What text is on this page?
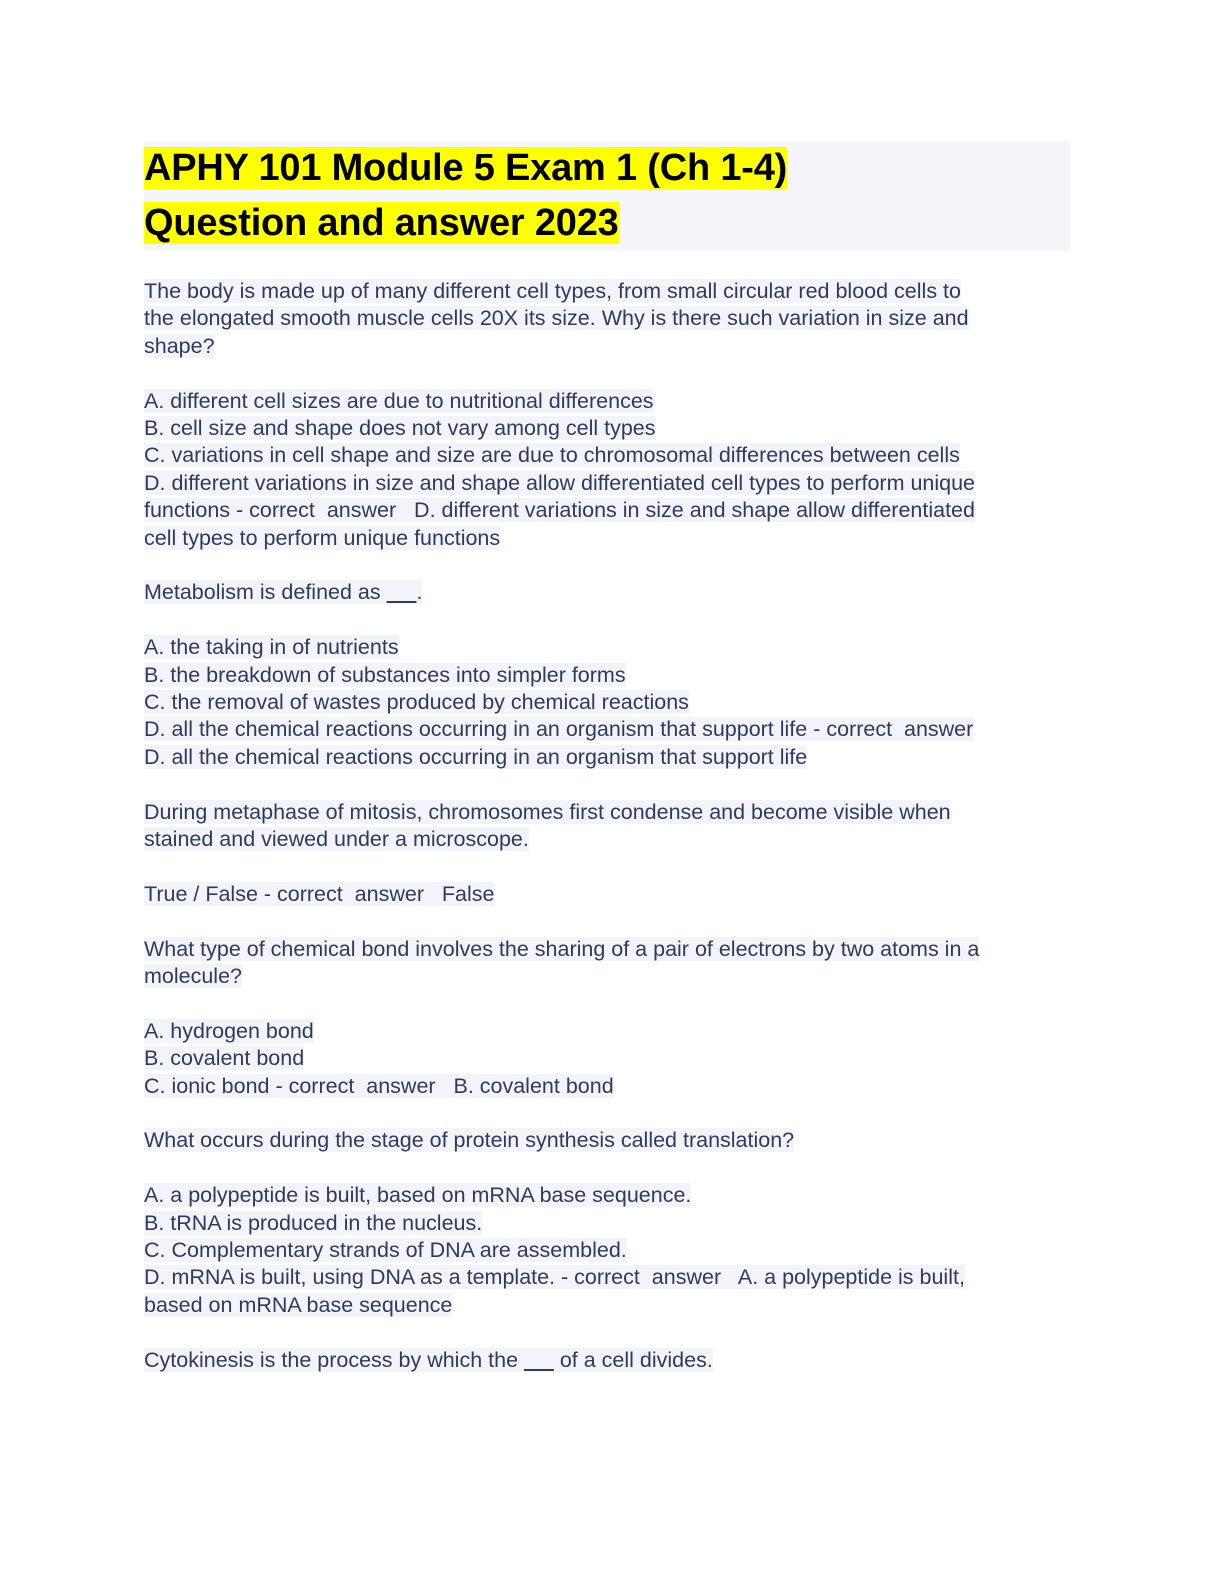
APHY 101 Module 5 Exam 1 (Ch 1-4)
Question and answer 2023
The body is made up of many different cell types, from small circular red blood cells to
the elongated smooth muscle cells 20X its size. Why is there such variation in size and
shape?
A. different cell sizes are due to nutritional differences
B. cell size and shape does not vary among cell types
C. variations in cell shape and size are due to chromosomal differences between cells
D. different variations in size and shape allow differentiated cell types to perform unique
functions - correct  answer   D. different variations in size and shape allow differentiated
cell types to perform unique functions
Metabolism is defined as      .
A. the taking in of nutrients
B. the breakdown of substances into simpler forms
C. the removal of wastes produced by chemical reactions
D. all the chemical reactions occurring in an organism that support life - correct  answer
D. all the chemical reactions occurring in an organism that support life
During metaphase of mitosis, chromosomes first condense and become visible when
stained and viewed under a microscope.
True / False - correct  answer   False
What type of chemical bond involves the sharing of a pair of electrons by two atoms in a
molecule?
A. hydrogen bond
B. covalent bond
C. ionic bond - correct  answer   B. covalent bond
What occurs during the stage of protein synthesis called translation?
A. a polypeptide is built, based on mRNA base sequence.
B. tRNA is produced in the nucleus.
C. Complementary strands of DNA are assembled.
D. mRNA is built, using DNA as a template. - correct  answer   A. a polypeptide is built,
based on mRNA base sequence
Cytokinesis is the process by which the       of a cell divides.
